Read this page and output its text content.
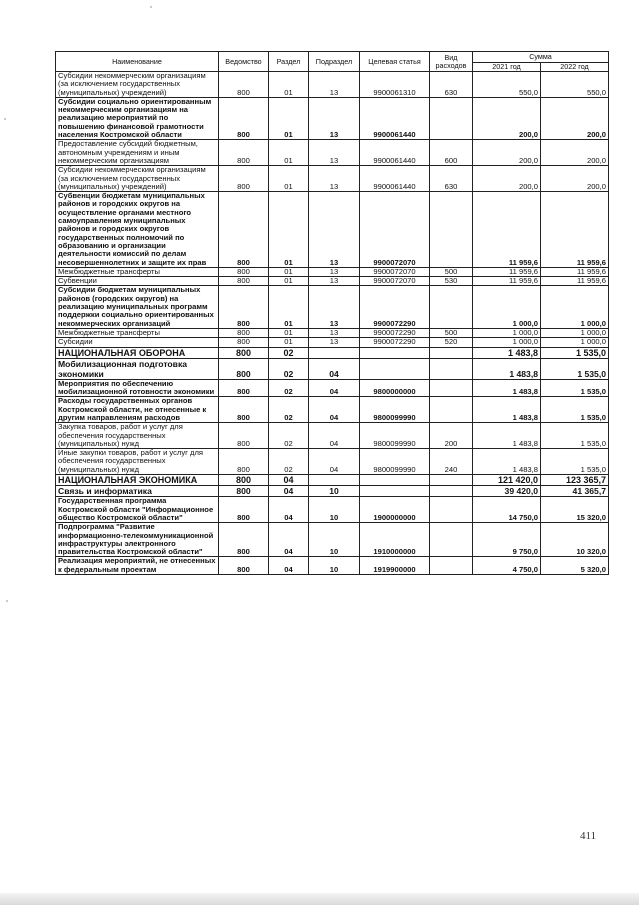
Наименование	Ведомство	Раздел	Подраздел	Целевая статья	Вид расходов	Сумма	
						2021 год	2022 год
Субсидии некоммерческим организациям (за исключением государственных (муниципальных) учреждений)	800	01	13	9900061310	630	550,0	550,0
Субсидии социально ориентированным некоммерческим организациям на реализацию мероприятий по повышению финансовой грамотности населения Костромской области	800	01	13	9900061440		200,0	200,0
Предоставление субсидий бюджетным, автономным учреждениям и иным некоммерческим организациям	800	01	13	9900061440	600	200,0	200,0
Субсидии некоммерческим организациям (за исключением государственных (муниципальных) учреждений)	800	01	13	9900061440	630	200,0	200,0
Субвенции бюджетам муниципальных районов и городских округов на осуществление органами местного самоуправления муниципальных районов и городских округов государственных полномочий по образованию и организации деятельности комиссий по делам несовершеннолетних и защите их прав	800	01	13	9900072070		11 959,6	11 959,6
Межбюджетные трансферты	800	01	13	9900072070	500	11 959,6	11 959,6
Субвенции	800	01	13	9900072070	530	11 959,6	11 959,6
Субсидии бюджетам муниципальных районов (городских округов) на реализацию муниципальных программ поддержки социально ориентированных некоммерческих организаций	800	01	13	9900072290		1 000,0	1 000,0
Межбюджетные трансферты	800	01	13	9900072290	500	1 000,0	1 000,0
Субсидии	800	01	13	9900072290	520	1 000,0	1 000,0
НАЦИОНАЛЬНАЯ ОБОРОНА	800	02				1 483,8	1 535,0
Мобилизационная подготовка экономики	800	02	04			1 483,8	1 535,0
Мероприятия по обеспечению мобилизационной готовности экономики	800	02	04	9800000000		1 483,8	1 535,0
Расходы государственных органов Костромской области, не отнесенные к другим направлениям расходов	800	02	04	9800099990		1 483,8	1 535,0
Закупка товаров, работ и услуг для обеспечения государственных (муниципальных) нужд	800	02	04	9800099990	200	1 483,8	1 535,0
Иные закупки товаров, работ и услуг для обеспечения государственных (муниципальных) нужд	800	02	04	9800099990	240	1 483,8	1 535,0
НАЦИОНАЛЬНАЯ ЭКОНОМИКА	800	04				121 420,0	123 365,7
Связь и информатика	800	04	10			39 420,0	41 365,7
Государственная программа Костромской области "Информационное общество Костромской области"	800	04	10	1900000000		14 750,0	15 320,0
Подпрограмма "Развитие информационно-телекоммуникационной инфраструктуры электронного правительства Костромской области"	800	04	10	1910000000		9 750,0	10 320,0
Реализация мероприятий, не отнесенных к федеральным проектам	800	04	10	1919900000		4 750,0	5 320,0
411
